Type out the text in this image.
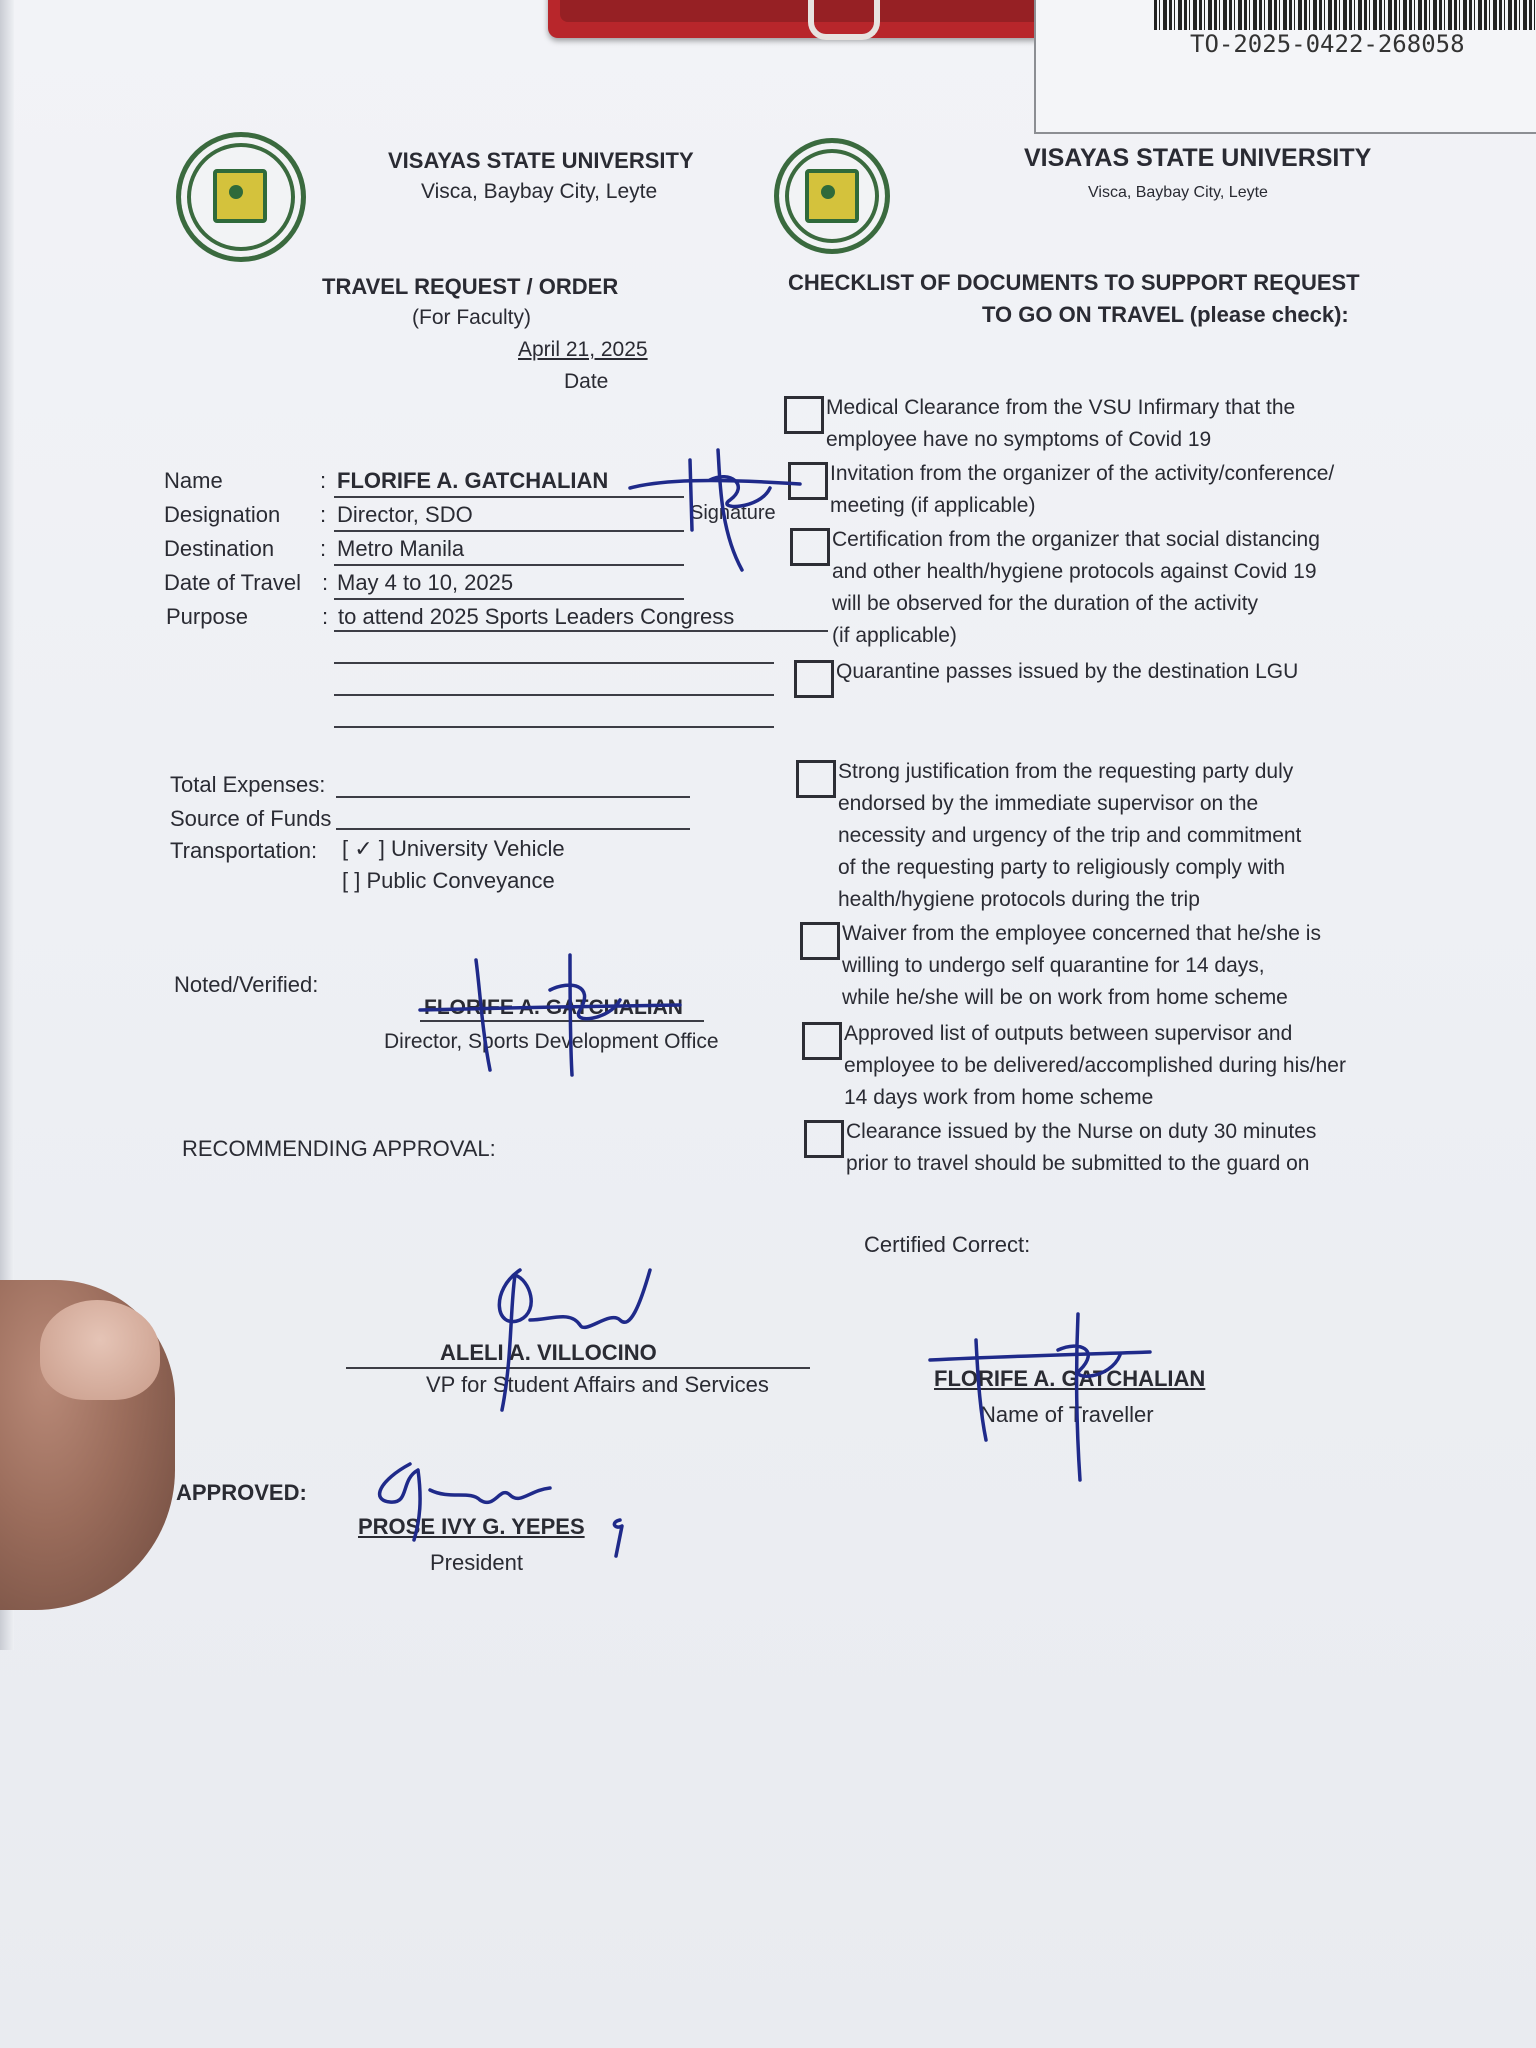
TO-2025-0422-268058
VISAYAS STATE UNIVERSITY
Visca, Baybay City, Leyte
TRAVEL REQUEST / ORDER
(For Faculty)
April 21, 2025
Date
Name	: FLORIFE A. GATCHALIAN
Designation : Director, SDO	Signature
Destination : Metro Manila
Date of Travel : May 4 to 10, 2025
Purpose	: to attend 2025 Sports Leaders Congress
Total Expenses:
Source of Funds
Transportation: [ ✓ ] University Vehicle
[ ] Public Conveyance
Noted/Verified:
FLORIFE A. GATCHALIAN
Director, Sports Development Office
RECOMMENDING APPROVAL:
ALELI A. VILLOCINO
VP for Student Affairs and Services
APPROVED:
PROSE IVY G. YEPES
President
VISAYAS STATE UNIVERSITY
Visca, Baybay City, Leyte
CHECKLIST OF DOCUMENTS TO SUPPORT REQUEST
TO GO ON TRAVEL (please check):
Medical Clearance from the VSU Infirmary that the
employee have no symptoms of Covid 19
Invitation from the organizer of the activity/conference/
meeting (if applicable)
Certification from the organizer that social distancing
and other health/hygiene protocols against Covid 19
will be observed for the duration of the activity
(if applicable)
Quarantine passes issued by the destination LGU
Strong justification from the requesting party duly
endorsed by the immediate supervisor on the
necessity and urgency of the trip and commitment
of the requesting party to religiously comply with
health/hygiene protocols during the trip
Waiver from the employee concerned that he/she is
willing to undergo self quarantine for 14 days,
while he/she will be on work from home scheme
Approved list of outputs between supervisor and
employee to be delivered/accomplished during his/her
14 days work from home scheme
Clearance issued by the Nurse on duty 30 minutes
prior to travel should be submitted to the guard on
Certified Correct:
FLORIFE A. GATCHALIAN
Name of Traveller
